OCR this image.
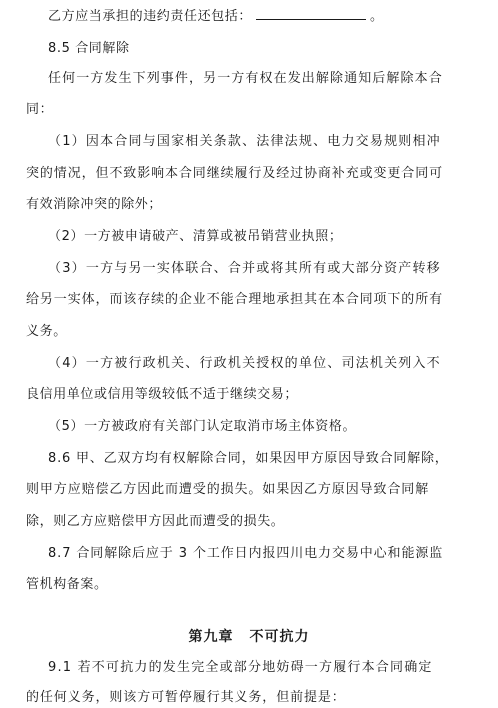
乙方应当承担的违约责任还包括：	。
8.5 合同解除
任何一方发生下列事件，另一方有权在发出解除通知后解除本合
同：
（1）因本合同与国家相关条款、法律法规、电力交易规则相冲
突的情况，但不致影响本合同继续履行及经过协商补充或变更合同可
有效消除冲突的除外；
（2）一方被申请破产、清算或被吊销营业执照；
（3）一方与另一实体联合、合并或将其所有或大部分资产转移
给另一实体，而该存续的企业不能合理地承担其在本合同项下的所有
义务。
（4）一方被行政机关、行政机关授权的单位、司法机关列入不
良信用单位或信用等级较低不适于继续交易；
（5）一方被政府有关部门认定取消市场主体资格。
8.6 甲、乙双方均有权解除合同，如果因甲方原因导致合同解除，
则甲方应赔偿乙方因此而遭受的损失。如果因乙方原因导致合同解
除，则乙方应赔偿甲方因此而遭受的损失。
8.7 合同解除后应于 3 个工作日内报四川电力交易中心和能源监
管机构备案。
第九章 不可抗力
9.1 若不可抗力的发生完全或部分地妨碍一方履行本合同确定
的任何义务，则该方可暂停履行其义务，但前提是：
